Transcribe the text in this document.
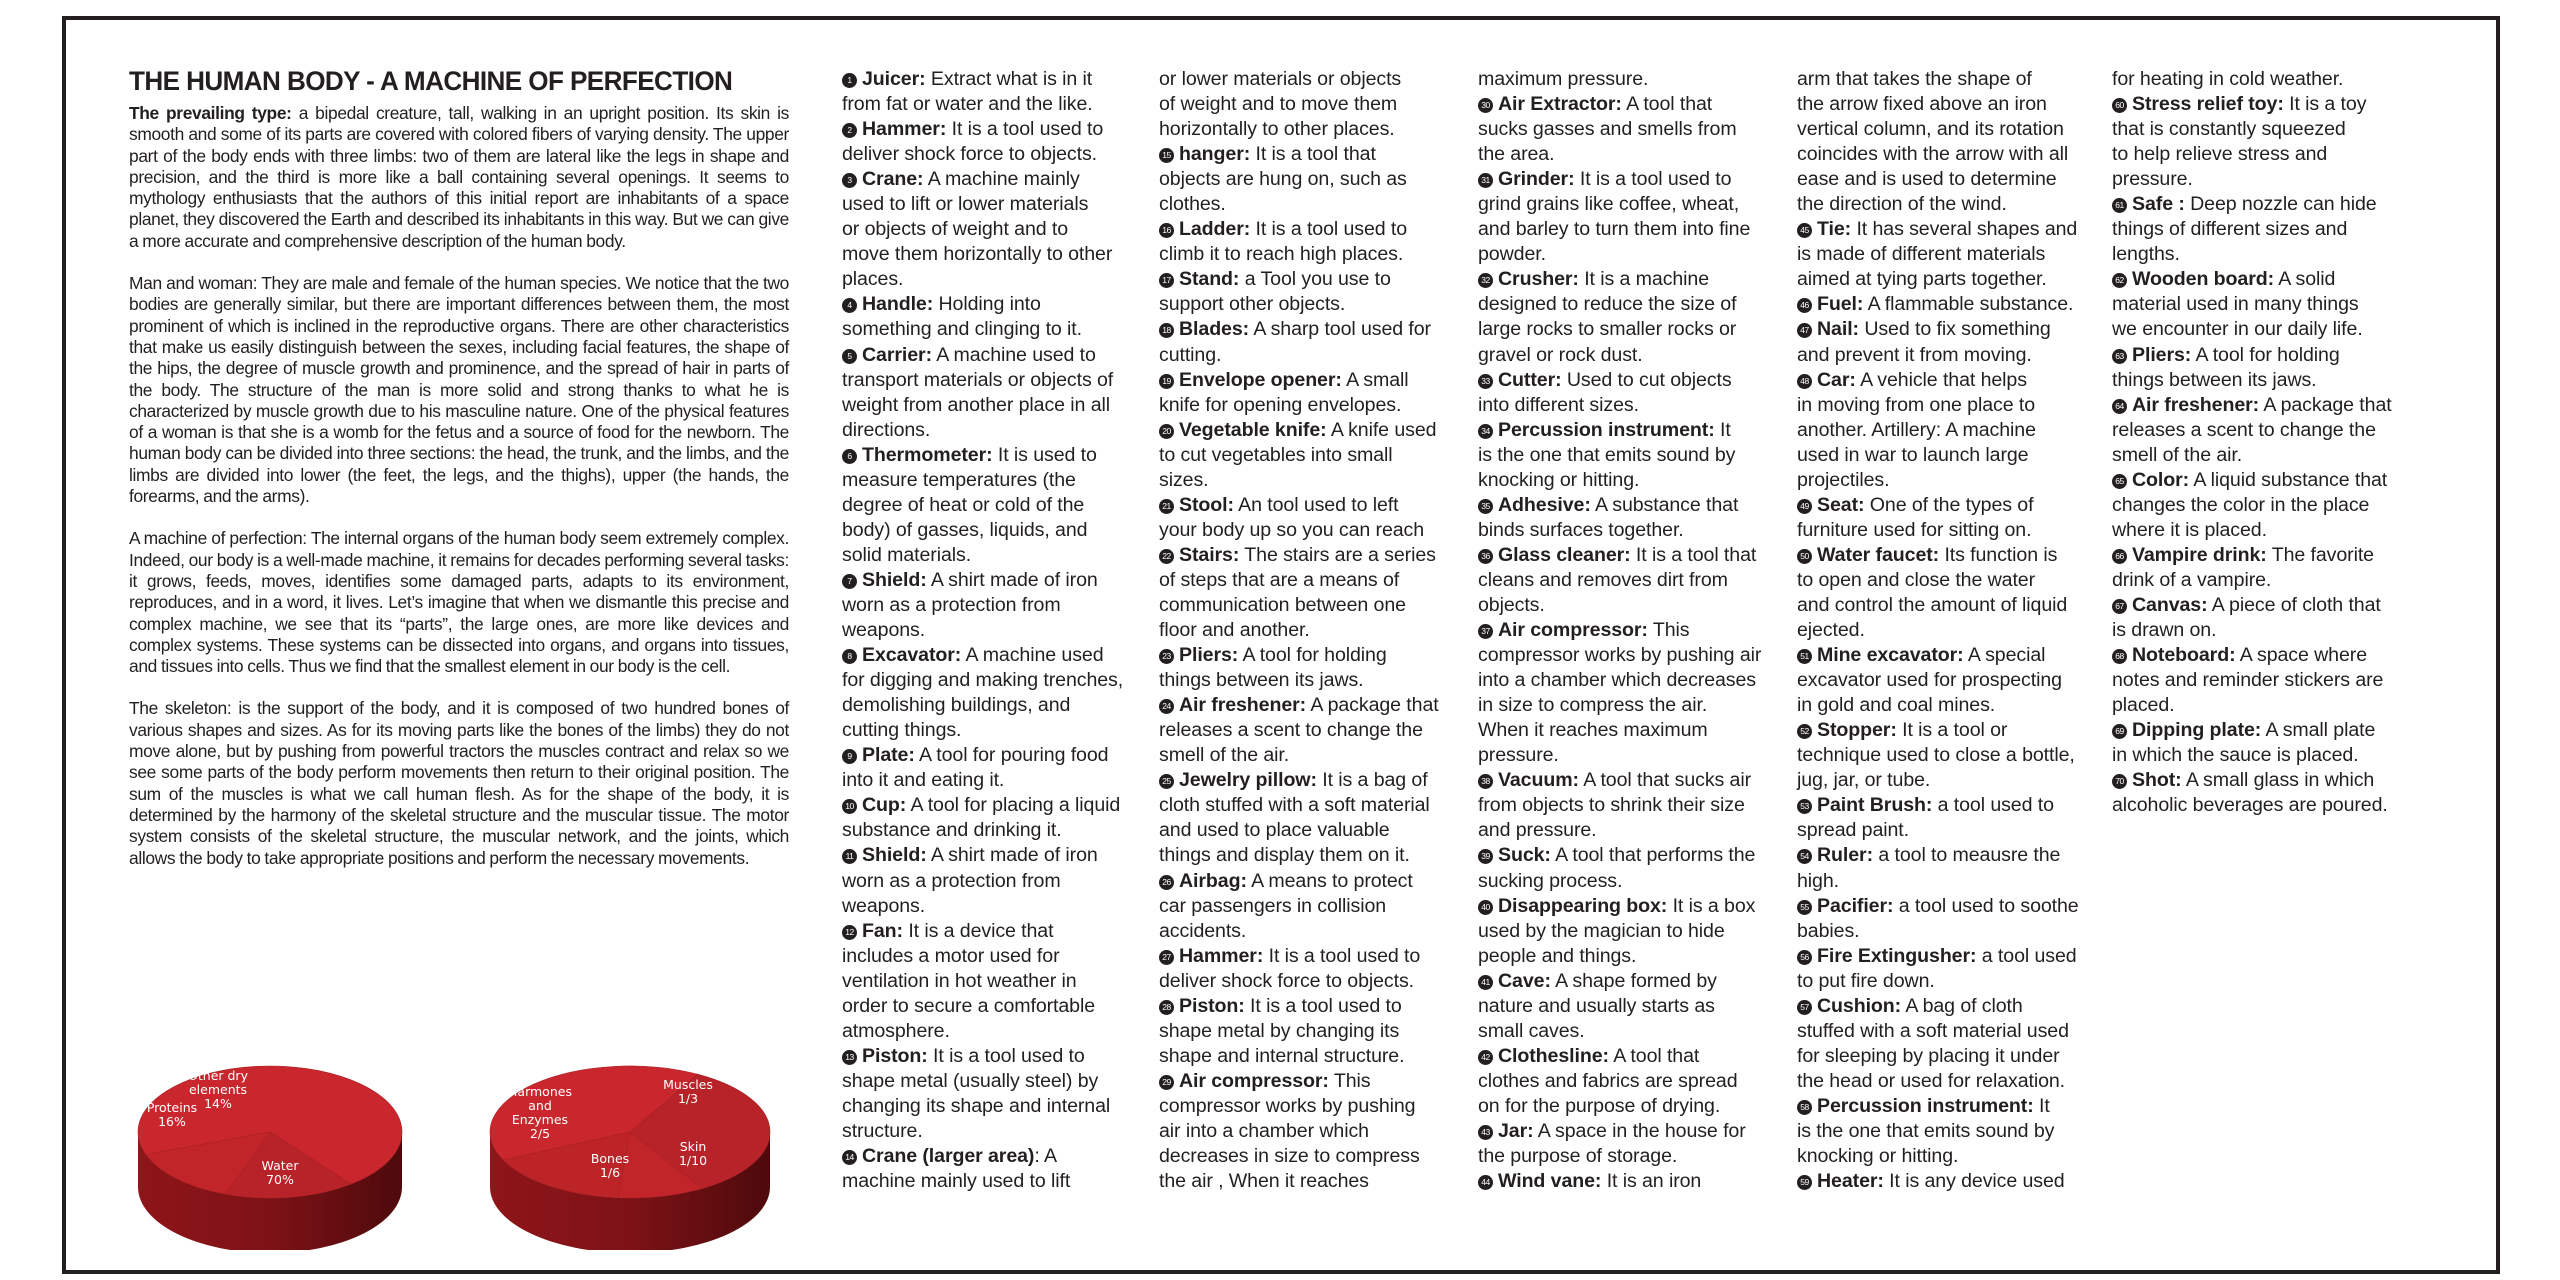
THE HUMAN BODY - A MACHINE OF PERFECTION

The prevailing type: a bipedal creature, tall, walking in an upright position. Its skin is smooth and some of its parts are covered with colored fibers of varying density. The upper part of the body ends with three limbs: two of them are lateral like the legs in shape and precision, and the third is more like a ball containing several openings. It seems to mythology enthusiasts that the authors of this initial report are inhabitants of a space planet, they discovered the Earth and described its inhabitants in this way. But we can give a more accurate and comprehensive description of the human body.

Man and woman: They are male and female of the human species. We notice that the two bodies are generally similar, but there are important differences between them, the most prominent of which is inclined in the reproductive organs. There are other characteristics that make us easily distinguish between the sexes, including facial features, the shape of the hips, the degree of muscle growth and prominence, and the spread of hair in parts of the body. The structure of the man is more solid and strong thanks to what he is characterized by muscle growth due to his masculine nature. One of the physical features of a woman is that she is a womb for the fetus and a source of food for the newborn. The human body can be divided into three sections: the head, the trunk, and the limbs, and the limbs are divided into lower (the feet, the legs, and the thighs), upper (the hands, the forearms, and the arms).

A machine of perfection: The internal organs of the human body seem extremely complex. Indeed, our body is a well-made machine, it remains for decades performing several tasks: it grows, feeds, moves, identifies some damaged parts, adapts to its environment, reproduces, and in a word, it lives. Let’s imagine that when we dismantle this precise and complex machine, we see that its “parts”, the large ones, are more like devices and complex systems. These systems can be dissected into organs, and organs into tissues, and tissues into cells. Thus we find that the smallest element in our body is the cell.

The skeleton: is the support of the body, and it is composed of two hundred bones of various shapes and sizes. As for its moving parts like the bones of the limbs) they do not move alone, but by pushing from powerful tractors the muscles contract and relax so we see some parts of the body perform movements then return to their original position. The sum of the muscles is what we call human flesh. As for the shape of the body, it is determined by the harmony of the skeletal structure and the muscular tissue. The motor system consists of the skeletal structure, the muscular network, and the joints, which allows the body to take appropriate positions and perform the necessary movements.

Water
70%
Proteins
16%
Other dry
elements
14%
Harmones
and
Enzymes
2/5
Muscles
1/3
Skin
1/10
Bones
1/6
1 Juicer: Extract what is in it
from fat or water and the like.
2 Hammer: It is a tool used to
deliver shock force to objects.
3 Crane: A machine mainly
used to lift or lower materials
or objects of weight and to
move them horizontally to other
places.
4 Handle: Holding into
something and clinging to it.
5 Carrier: A machine used to
transport materials or objects of
weight from another place in all
directions.
6 Thermometer: It is used to
measure temperatures (the
degree of heat or cold of the
body) of gasses, liquids, and
solid materials.
7 Shield: A shirt made of iron
worn as a protection from
weapons.
8 Excavator: A machine used
for digging and making trenches,
demolishing buildings, and
cutting things.
9 Plate: A tool for pouring food
into it and eating it.
10 Cup: A tool for placing a liquid
substance and drinking it.
11 Shield: A shirt made of iron
worn as a protection from
weapons.
12 Fan: It is a device that
includes a motor used for
ventilation in hot weather in
order to secure a comfortable
atmosphere.
13 Piston: It is a tool used to
shape metal (usually steel) by
changing its shape and internal
structure.
14 Crane (larger area): A
machine mainly used to lift
or lower materials or objects
of weight and to move them
horizontally to other places.
15 hanger: It is a tool that
objects are hung on, such as
clothes.
16 Ladder: It is a tool used to
climb it to reach high places.
17 Stand: a Tool you use to
support other objects.
18 Blades: A sharp tool used for
cutting.
19 Envelope opener: A small
knife for opening envelopes.
20 Vegetable knife: A knife used
to cut vegetables into small
sizes.
21 Stool: An tool used to left
your body up so you can reach
22 Stairs: The stairs are a series
of steps that are a means of
communication between one
floor and another.
23 Pliers: A tool for holding
things between its jaws.
24 Air freshener: A package that
releases a scent to change the
smell of the air.
25 Jewelry pillow: It is a bag of
cloth stuffed with a soft material
and used to place valuable
things and display them on it.
26 Airbag: A means to protect
car passengers in collision
accidents.
27 Hammer: It is a tool used to
deliver shock force to objects.
28 Piston: It is a tool used to
shape metal by changing its
shape and internal structure.
29 Air compressor: This
compressor works by pushing
air into a chamber which
decreases in size to compress
the air , When it reaches
maximum pressure.
30 Air Extractor: A tool that
sucks gasses and smells from
the area.
31 Grinder: It is a tool used to
grind grains like coffee, wheat,
and barley to turn them into fine
powder.
32 Crusher: It is a machine
designed to reduce the size of
large rocks to smaller rocks or
gravel or rock dust.
33 Cutter: Used to cut objects
into different sizes.
34 Percussion instrument: It
is the one that emits sound by
knocking or hitting.
35 Adhesive: A substance that
binds surfaces together.
36 Glass cleaner: It is a tool that
cleans and removes dirt from
objects.
37 Air compressor: This
compressor works by pushing air
into a chamber which decreases
in size to compress the air.
When it reaches maximum
pressure.
38 Vacuum: A tool that sucks air
from objects to shrink their size
and pressure.
39 Suck: A tool that performs the
sucking process.
40 Disappearing box: It is a box
used by the magician to hide
people and things.
41 Cave: A shape formed by
nature and usually starts as
small caves.
42 Clothesline: A tool that
clothes and fabrics are spread
on for the purpose of drying.
43 Jar: A space in the house for
the purpose of storage.
44 Wind vane: It is an iron
arm that takes the shape of
the arrow fixed above an iron
vertical column, and its rotation
coincides with the arrow with all
ease and is used to determine
the direction of the wind.
45 Tie: It has several shapes and
is made of different materials
aimed at tying parts together.
46 Fuel: A flammable substance.
47 Nail: Used to fix something
and prevent it from moving.
48 Car: A vehicle that helps
in moving from one place to
another. Artillery: A machine
used in war to launch large
projectiles.
49 Seat: One of the types of
furniture used for sitting on.
50 Water faucet: Its function is
to open and close the water
and control the amount of liquid
ejected.
51 Mine excavator: A special
excavator used for prospecting
in gold and coal mines.
52 Stopper: It is a tool or
technique used to close a bottle,
jug, jar, or tube.
53 Paint Brush: a tool used to
spread paint.
54 Ruler: a tool to meausre the
high.
55 Pacifier: a tool used to soothe
babies.
56 Fire Extingusher: a tool used
to put fire down.
57 Cushion: A bag of cloth
stuffed with a soft material used
for sleeping by placing it under
the head or used for relaxation.
58 Percussion instrument: It
is the one that emits sound by
knocking or hitting.
59 Heater: It is any device used
for heating in cold weather.
60 Stress relief toy: It is a toy
that is constantly squeezed
to help relieve stress and
pressure.
61 Safe : Deep nozzle can hide
things of different sizes and
lengths.
62 Wooden board: A solid
material used in many things
we encounter in our daily life.
63 Pliers: A tool for holding
things between its jaws.
64 Air freshener: A package that
releases a scent to change the
smell of the air.
65 Color: A liquid substance that
changes the color in the place
where it is placed.
66 Vampire drink: The favorite
drink of a vampire.
67 Canvas: A piece of cloth that
is drawn on.
68 Noteboard: A space where
notes and reminder stickers are
placed.
69 Dipping plate: A small plate
in which the sauce is placed.
70 Shot: A small glass in which
alcoholic beverages are poured.
